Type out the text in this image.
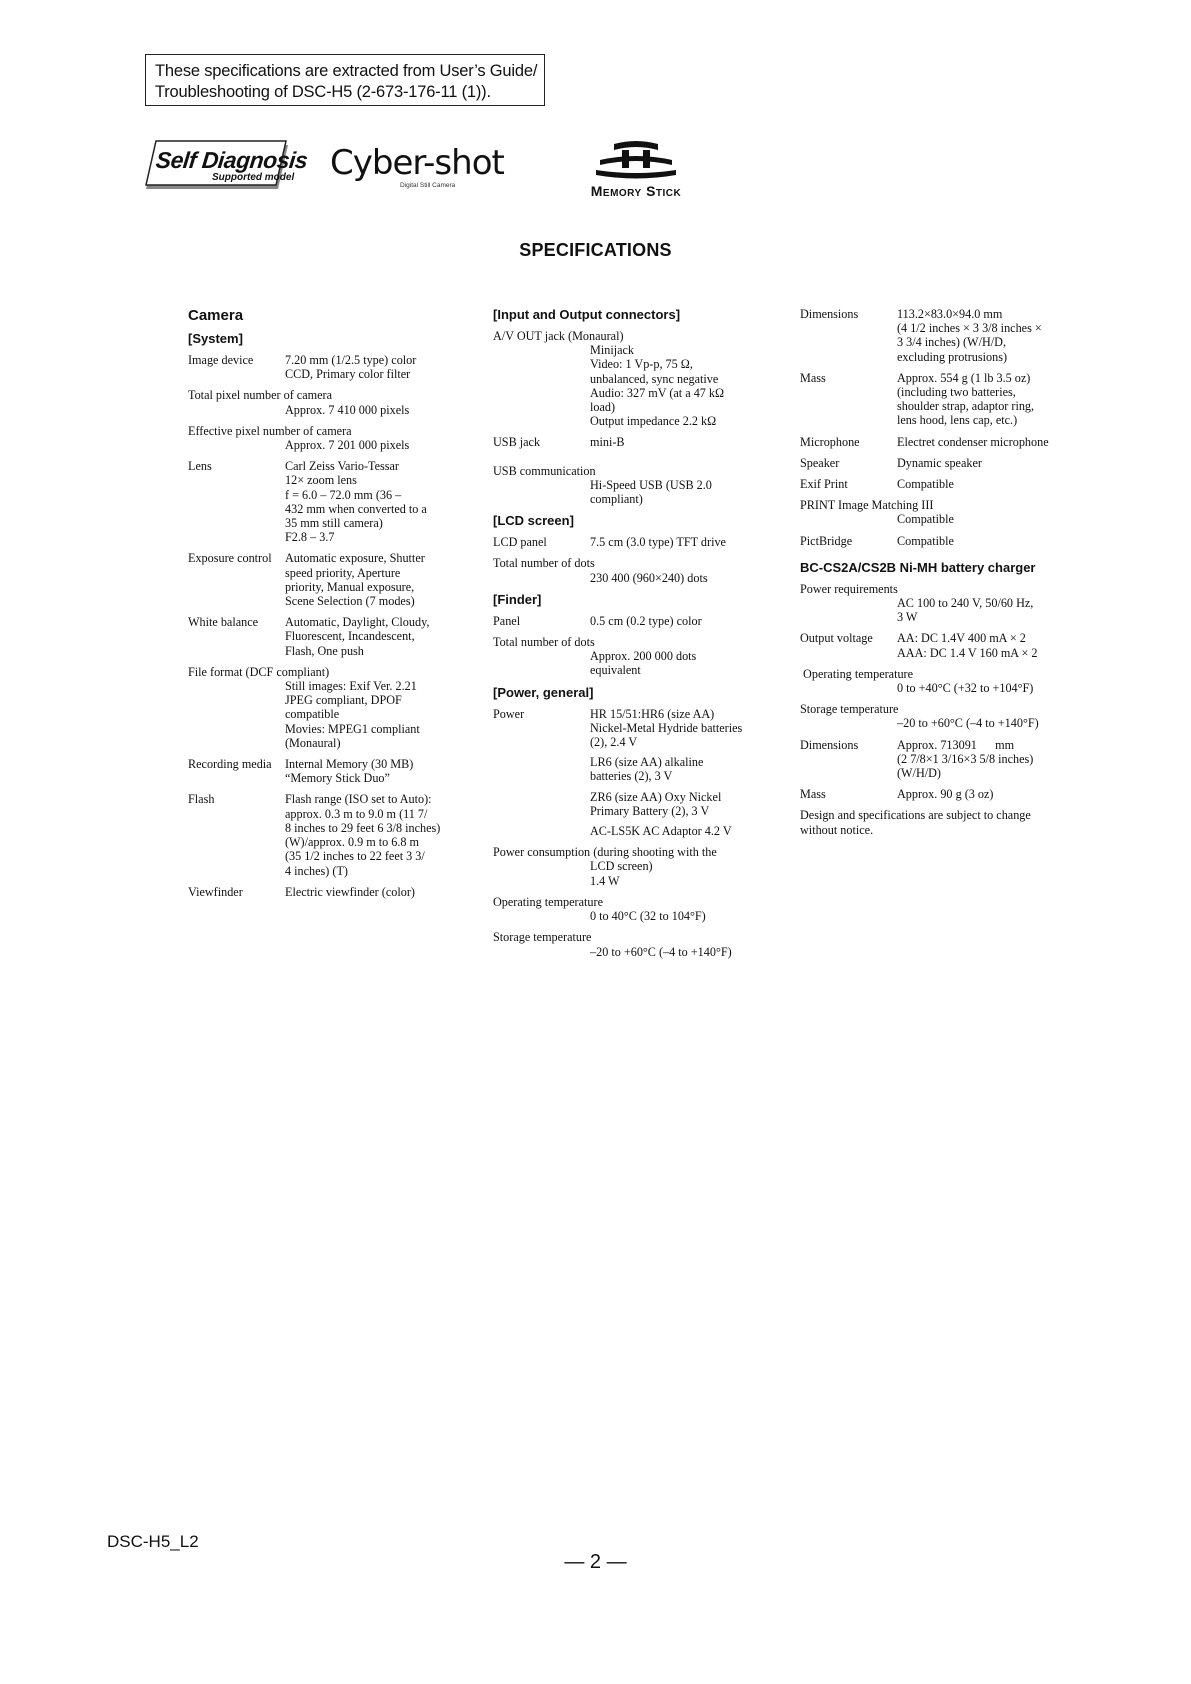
These specifications are extracted from User’s Guide/
Troubleshooting of DSC-H5 (2-673-176-11 (1)).
Self Diagnosis
Supported model Cyber-shot
Digital Still Camera	Memory Stick
SPECIFICATIONS
Camera
[System]
Image device	7.20 mm (1/2.5 type) color
CCD, Primary color filter
Total pixel number of camera
Approx. 7 410 000 pixels
Effective pixel number of camera
Approx. 7 201 000 pixels
Lens	Carl Zeiss Vario-Tessar
12× zoom lens
f = 6.0 – 72.0 mm (36 –
432 mm when converted to a
35 mm still camera)
F2.8 – 3.7
Exposure control	Automatic exposure, Shutter
speed priority, Aperture
priority, Manual exposure,
Scene Selection (7 modes)
White balance	Automatic, Daylight, Cloudy,
Fluorescent, Incandescent,
Flash, One push
File format (DCF compliant)
Still images: Exif Ver. 2.21
JPEG compliant, DPOF
compatible
Movies: MPEG1 compliant
(Monaural)
Recording media	Internal Memory (30 MB)
“Memory Stick Duo”
Flash	Flash range (ISO set to Auto):
approx. 0.3 m to 9.0 m (11 7/
8 inches to 29 feet 6 3/8 inches)
(W)/approx. 0.9 m to 6.8 m
(35 1/2 inches to 22 feet 3 3/
4 inches) (T)
Viewfinder	Electric viewfinder (color)
[Input and Output connectors]
A/V OUT jack (Monaural)
Minijack
Video: 1 Vp-p, 75 Ω,
unbalanced, sync negative
Audio: 327 mV (at a 47 kΩ
load)
Output impedance 2.2 kΩ
USB jack	mini-B
USB communication
Hi-Speed USB (USB 2.0
compliant)
[LCD screen]
LCD panel	7.5 cm (3.0 type) TFT drive
Total number of dots
230 400 (960×240) dots
[Finder]
Panel	0.5 cm (0.2 type) color
Total number of dots
Approx. 200 000 dots
equivalent
[Power, general]
Power	HR 15/51:HR6 (size AA)
Nickel-Metal Hydride batteries
(2), 2.4 V
LR6 (size AA) alkaline
batteries (2), 3 V
ZR6 (size AA) Oxy Nickel
Primary Battery (2), 3 V
AC-LS5K AC Adaptor 4.2 V
Power consumption (during shooting with the
LCD screen)
1.4 W
Operating temperature
0 to 40°C (32 to 104°F)
Storage temperature
–20 to +60°C (–4 to +140°F)
Dimensions	113.2×83.0×94.0 mm
(4 1/2 inches × 3 3/8 inches ×
3 3/4 inches) (W/H/D,
excluding protrusions)
Mass	Approx. 554 g (1 lb 3.5 oz)
(including two batteries,
shoulder strap, adaptor ring,
lens hood, lens cap, etc.)
Microphone	Electret condenser microphone
Speaker	Dynamic speaker
Exif Print	Compatible
PRINT Image Matching III
Compatible
PictBridge	Compatible
BC-CS2A/CS2B Ni-MH battery charger
Power requirements
AC 100 to 240 V, 50/60 Hz,
3 W
Output voltage	AA: DC 1.4V 400 mA × 2
AAA: DC 1.4 V 160 mA × 2
Operating temperature
0 to +40°C (+32 to +104°F)
Storage temperature
–20 to +60°C (–4 to +140°F)
Dimensions	Approx. 713091      mm
(2 7/8×1 3/16×3 5/8 inches)
(W/H/D)
Mass	Approx. 90 g (3 oz)
Design and specifications are subject to change
without notice.
DSC-H5_L2
— 2 —
